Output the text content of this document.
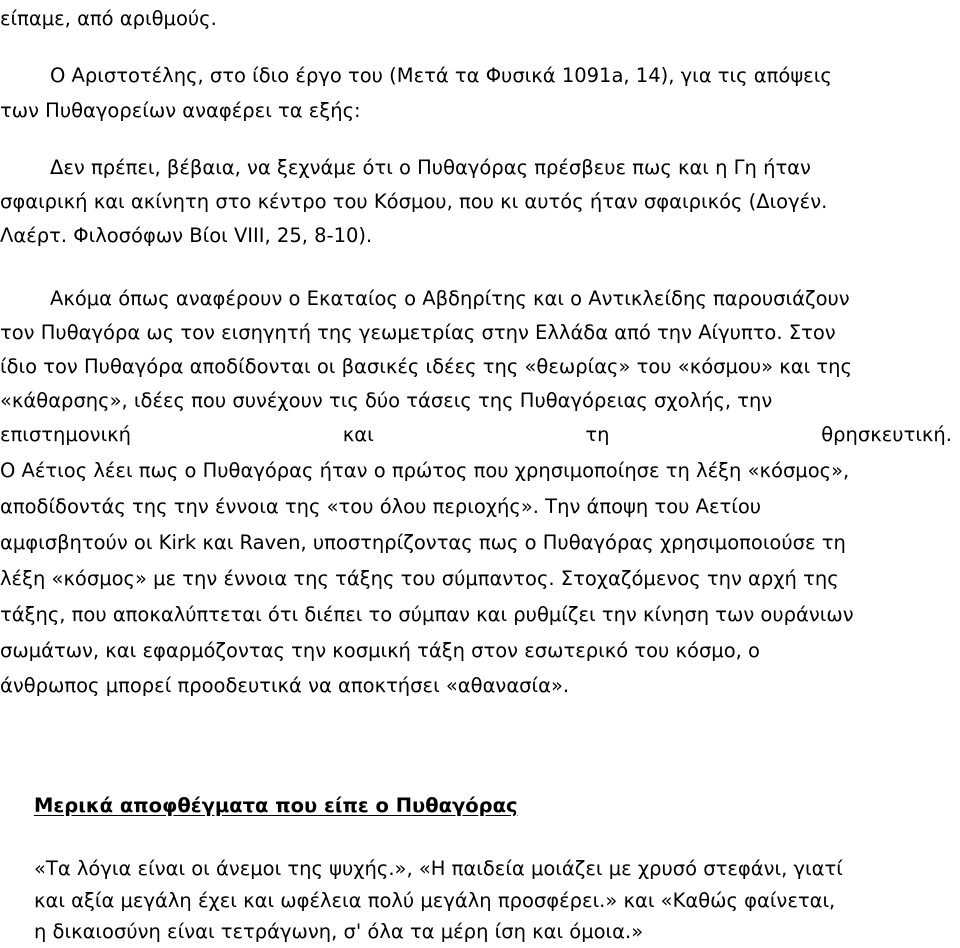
είπαμε, από αριθμούς.
Ο Αριστοτέλης, στο ίδιο έργο του (Μετά τα Φυσικά 1091a, 14), για τις απόψεις
των Πυθαγορείων αναφέρει τα εξής:
Δεν πρέπει, βέβαια, να ξεχνάμε ότι ο Πυθαγόρας πρέσβευε πως και η Γη ήταν
σφαιρική και ακίνητη στο κέντρο του Κόσμου, που κι αυτός ήταν σφαιρικός (Διογέν.
Λαέρτ. Φιλοσόφων Βίοι VIII, 25, 8-10).
Ακόμα όπως αναφέρουν ο Εκαταίος ο Αβδηρίτης και ο Αντικλείδης παρουσιάζουν
τον Πυθαγόρα ως τον εισηγητή της γεωμετρίας στην Ελλάδα από την Αίγυπτο. Στον
ίδιο τον Πυθαγόρα αποδίδονται οι βασικές ιδέες της «θεωρίας» του «κόσμου» και της
«κάθαρσης», ιδέες που συνέχουν τις δύο τάσεις της Πυθαγόρειας σχολής, την
επιστημονική	και	τη	θρησκευτική.
Ο Αέτιος λέει πως ο Πυθαγόρας ήταν ο πρώτος που χρησιμοποίησε τη λέξη «κόσμος»,
αποδίδοντάς της την έννοια της «του όλου περιοχής». Την άποψη του Αετίου
αμφισβητούν οι Kirk και Raven, υποστηρίζοντας πως ο Πυθαγόρας χρησιμοποιούσε τη
λέξη «κόσμος» με την έννοια της τάξης του σύμπαντος. Στοχαζόμενος την αρχή της
τάξης, που αποκαλύπτεται ότι διέπει το σύμπαν και ρυθμίζει την κίνηση των ουράνιων
σωμάτων, και εφαρμόζοντας την κοσμική τάξη στον εσωτερικό του κόσμο, ο
άνθρωπος μπορεί προοδευτικά να αποκτήσει «αθανασία».
Μερικά αποφθέγματα που είπε ο Πυθαγόρας
«Τα λόγια είναι οι άνεμοι της ψυχής.», «Η παιδεία μοιάζει με χρυσό στεφάνι, γιατί
και αξία μεγάλη έχει και ωφέλεια πολύ μεγάλη προσφέρει.» και «Καθώς φαίνεται,
η δικαιοσύνη είναι τετράγωνη, σ' όλα τα μέρη ίση και όμοια.»
